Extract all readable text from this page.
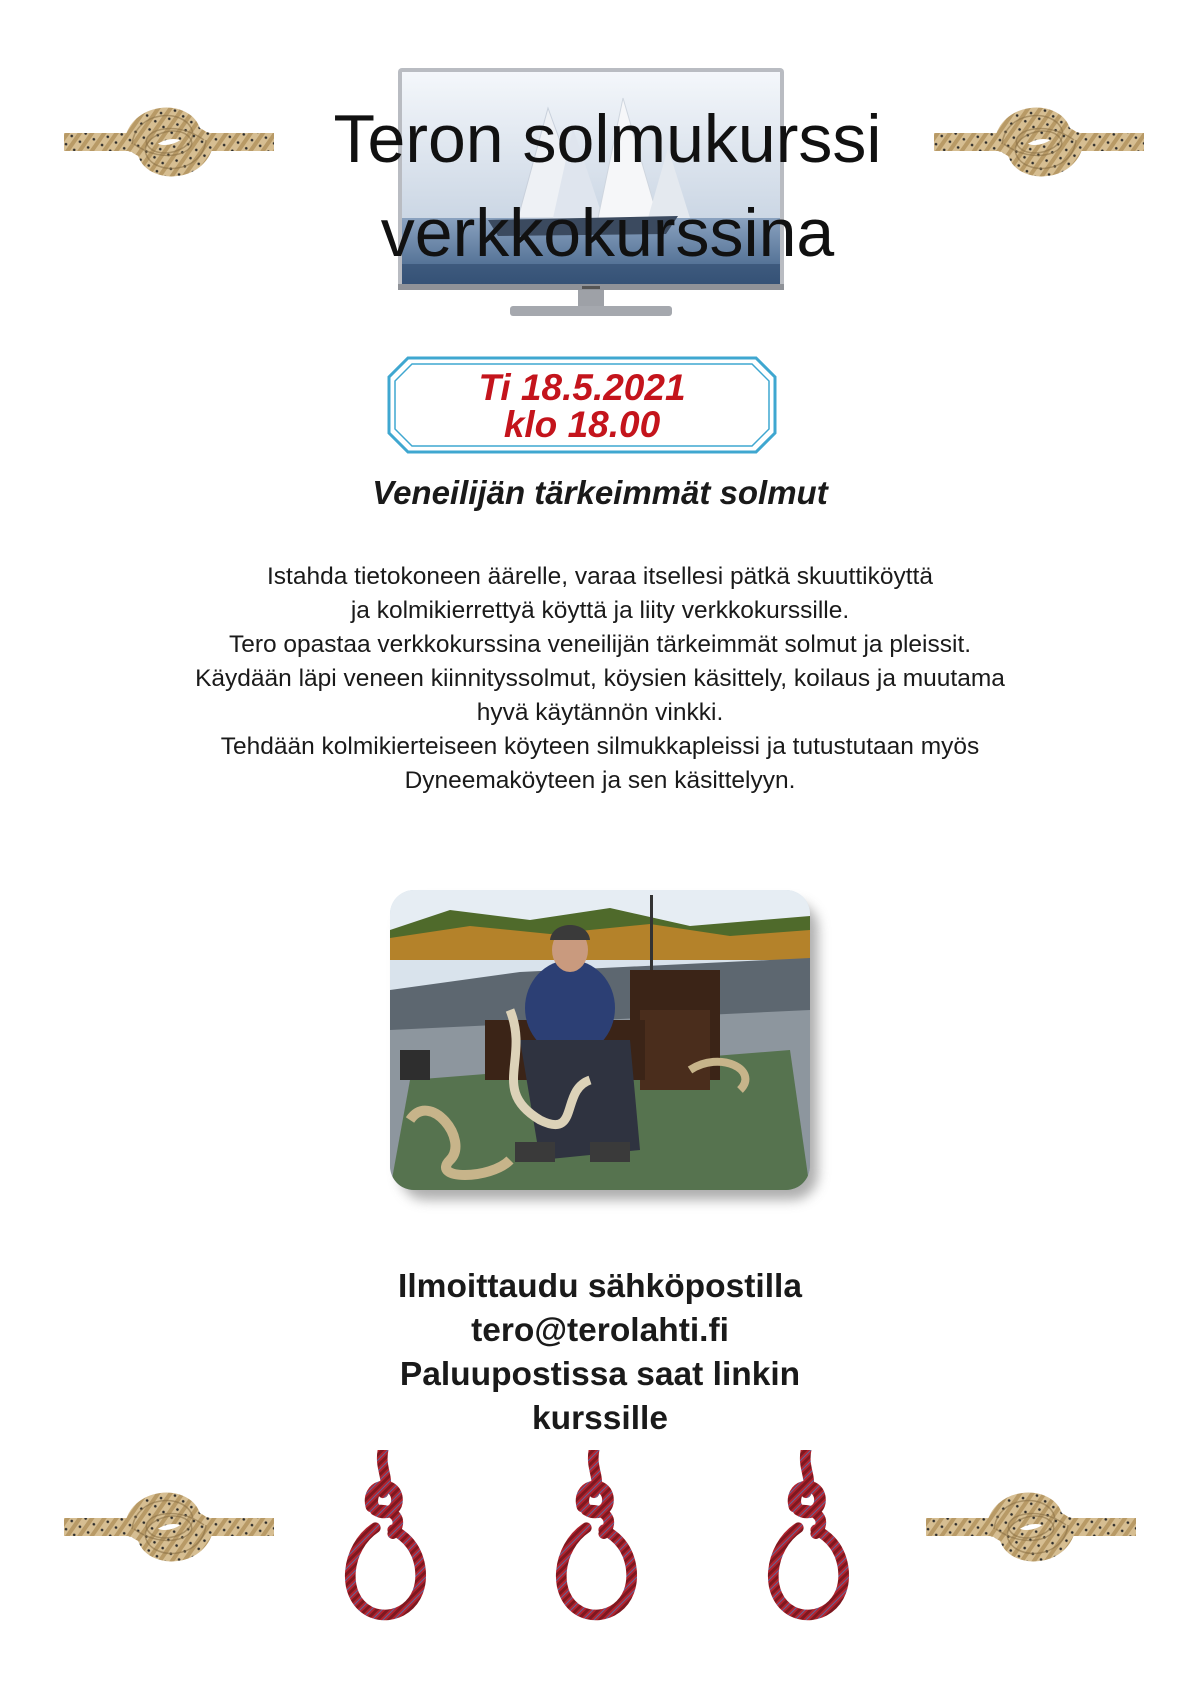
Teron solmukurssi
verkkokurssina
Ti 18.5.2021
klo 18.00
Veneilijän tärkeimmät solmut
Istahda tietokoneen äärelle, varaa itsellesi pätkä skuuttiköyttä
ja kolmikierrettyä köyttä ja liity verkkokurssille.
Tero opastaa verkkokurssina veneilijän tärkeimmät solmut ja pleissit.
Käydään läpi veneen kiinnityssolmut, köysien käsittely, koilaus ja muutama
hyvä käytännön vinkki.
Tehdään kolmikierteiseen köyteen silmukkapleissi ja tutustutaan myös
Dyneemaköyteen ja sen käsittelyyn.
Ilmoittaudu sähköpostilla
tero@terolahti.fi
Paluupostissa saat linkin
kurssille
